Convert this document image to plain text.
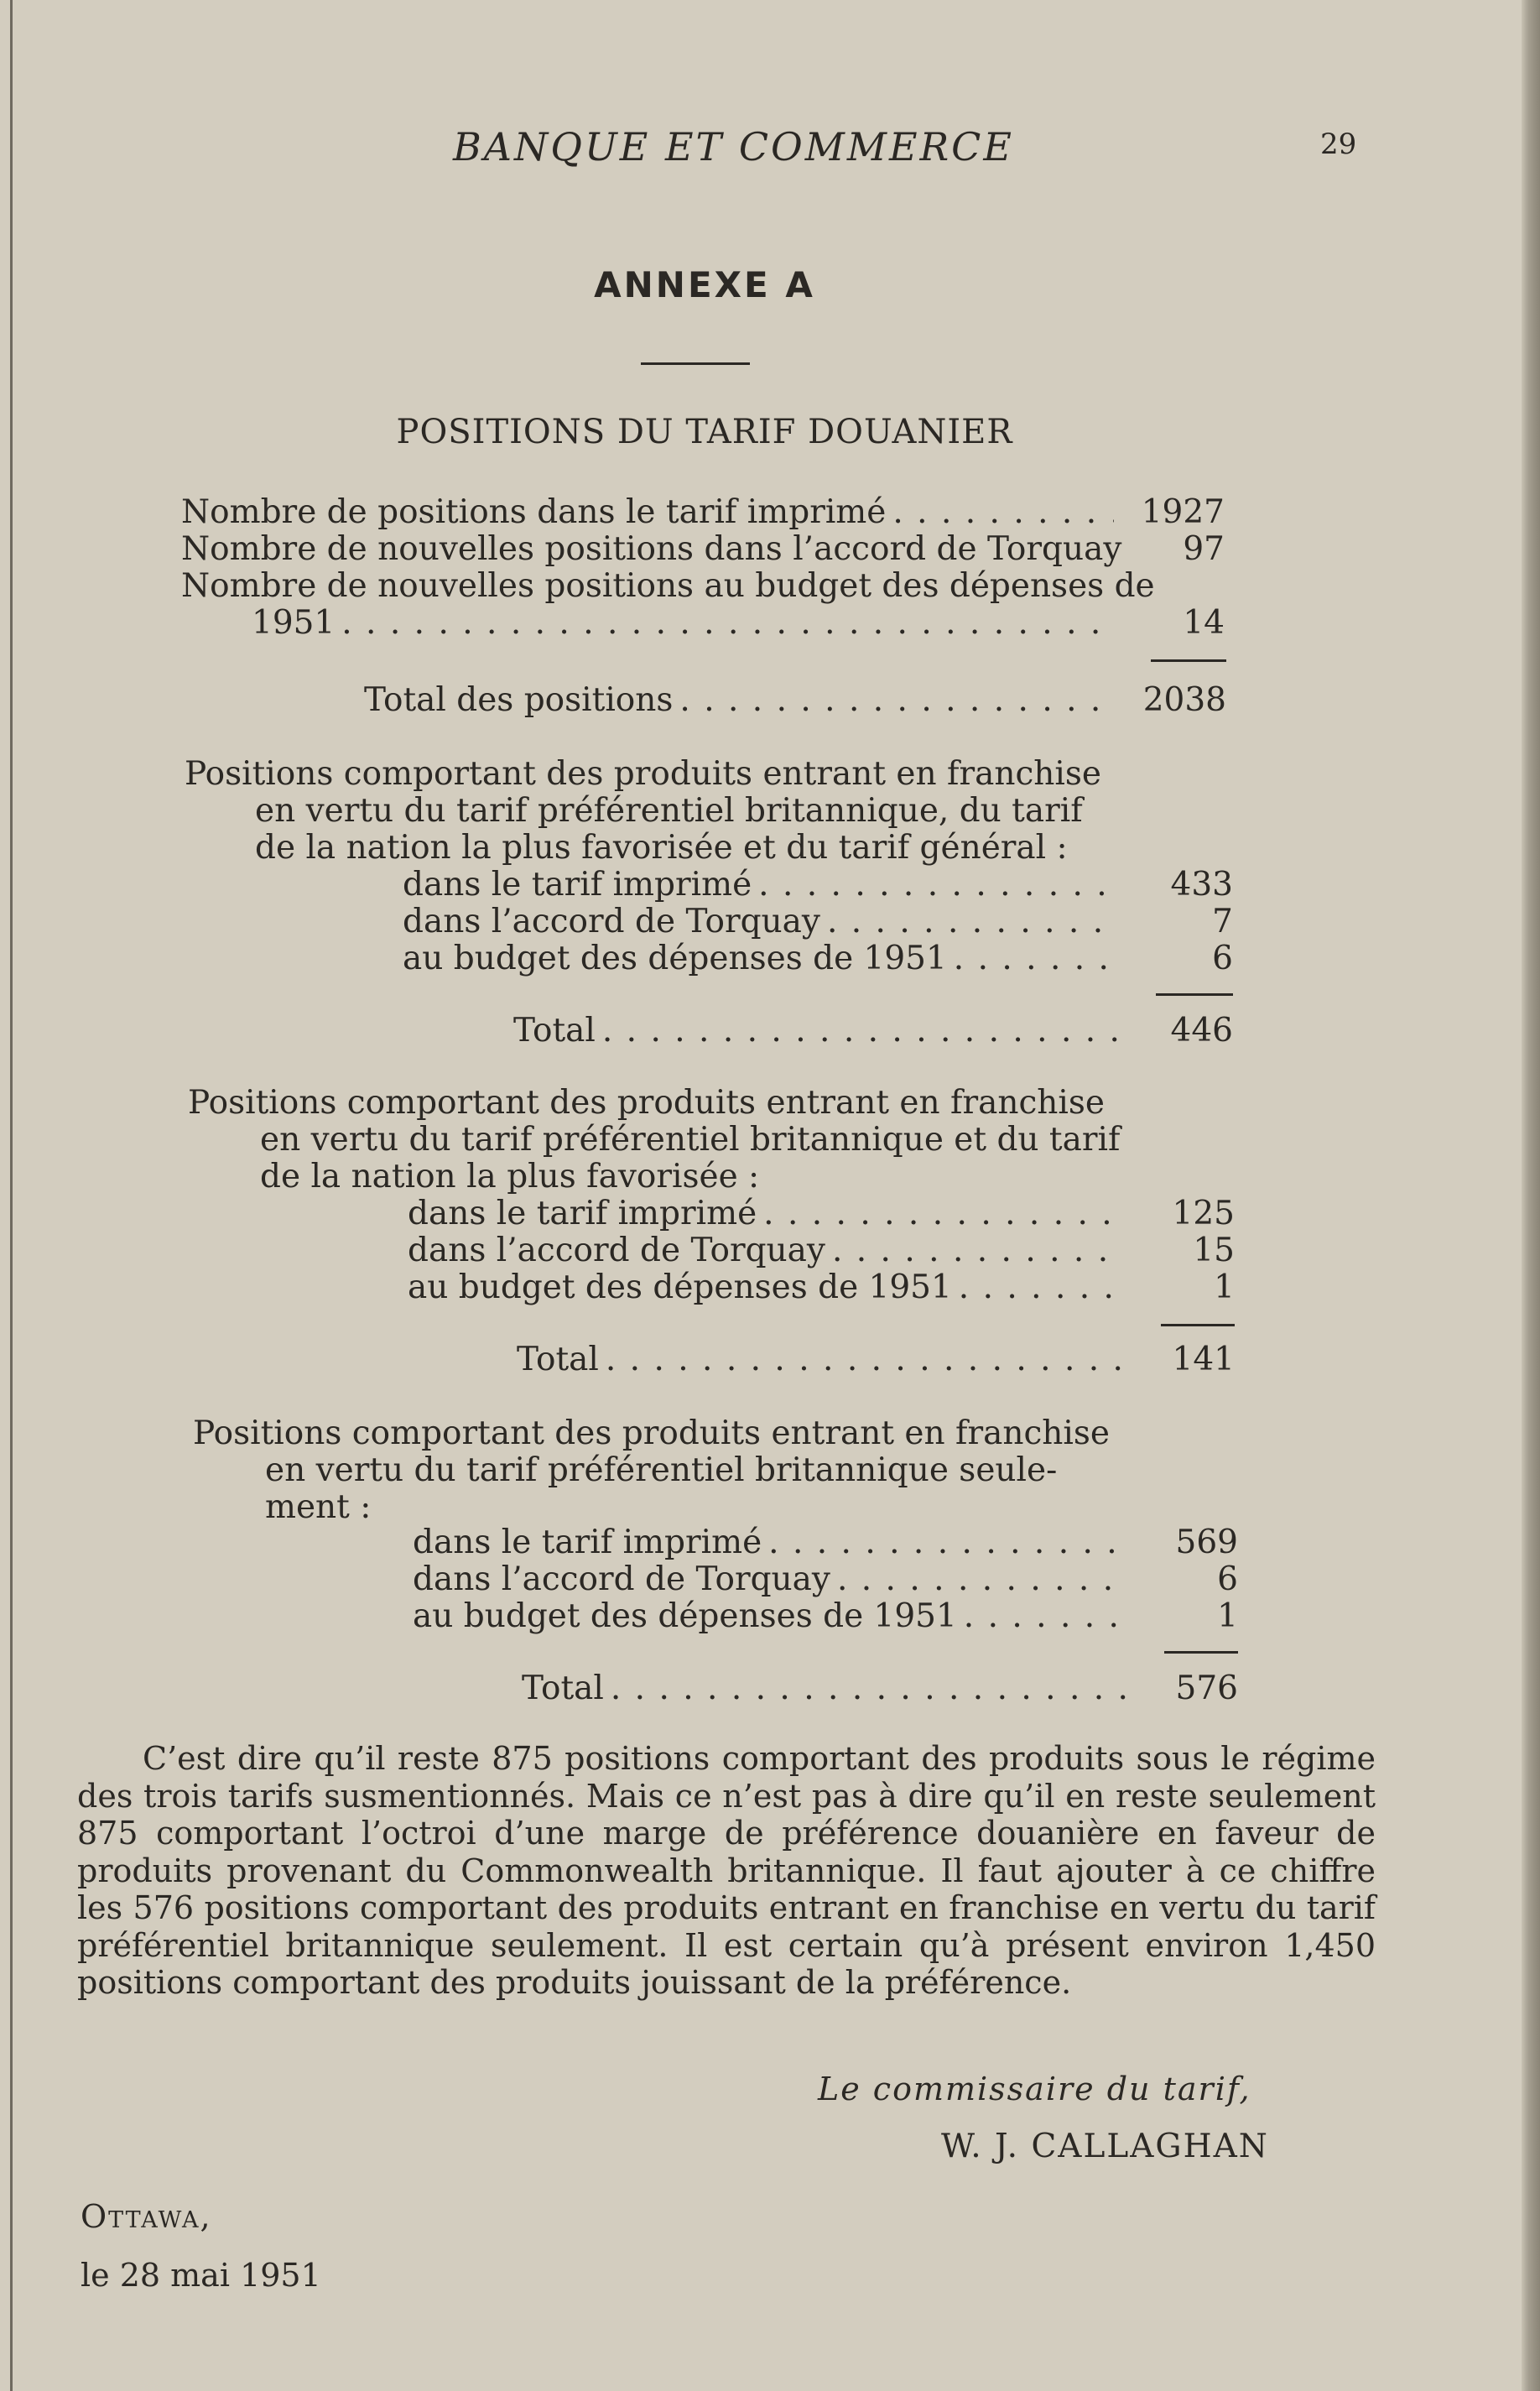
BANQUE ET COMMERCE	29
ANNEXE A
POSITIONS DU TARIF DOUANIER
Nombre de positions dans le tarif imprimé . . .	1927
Nombre de nouvelles positions dans l’accord de Torquay	97
Nombre de nouvelles positions au budget des dépenses de
1951 . . .	14
Total des positions . . .	2038
Positions comportant des produits entrant en franchise
en vertu du tarif préférentiel britannique, du tarif
de la nation la plus favorisée et du tarif général :
dans le tarif imprimé . . .	433
dans l’accord de Torquay . . .	7
au budget des dépenses de 1951 . . .	6
Total . . .	446
Positions comportant des produits entrant en franchise
en vertu du tarif préférentiel britannique et du tarif
de la nation la plus favorisée :
dans le tarif imprimé . . .	125
dans l’accord de Torquay . . .	15
au budget des dépenses de 1951 . . .	1
Total . . .	141
Positions comportant des produits entrant en franchise
en vertu du tarif préférentiel britannique seule-
ment :
dans le tarif imprimé . . .	569
dans l’accord de Torquay . . .	6
au budget des dépenses de 1951 . . .	1
Total . . .	576
C’est dire qu’il reste 875 positions comportant des produits sous le régime des trois tarifs susmentionnés. Mais ce n’est pas à dire qu’il en reste seulement 875 comportant l’octroi d’une marge de préférence douanière en faveur de produits provenant du Commonwealth britannique. Il faut ajouter à ce chiffre les 576 positions comportant des produits entrant en franchise en vertu du tarif préférentiel britannique seulement. Il est certain qu’à présent environ 1,450 positions comportant des produits jouissant de la préférence.
Le commissaire du tarif,
W. J. CALLAGHAN
Ottawa,
le 28 mai 1951
